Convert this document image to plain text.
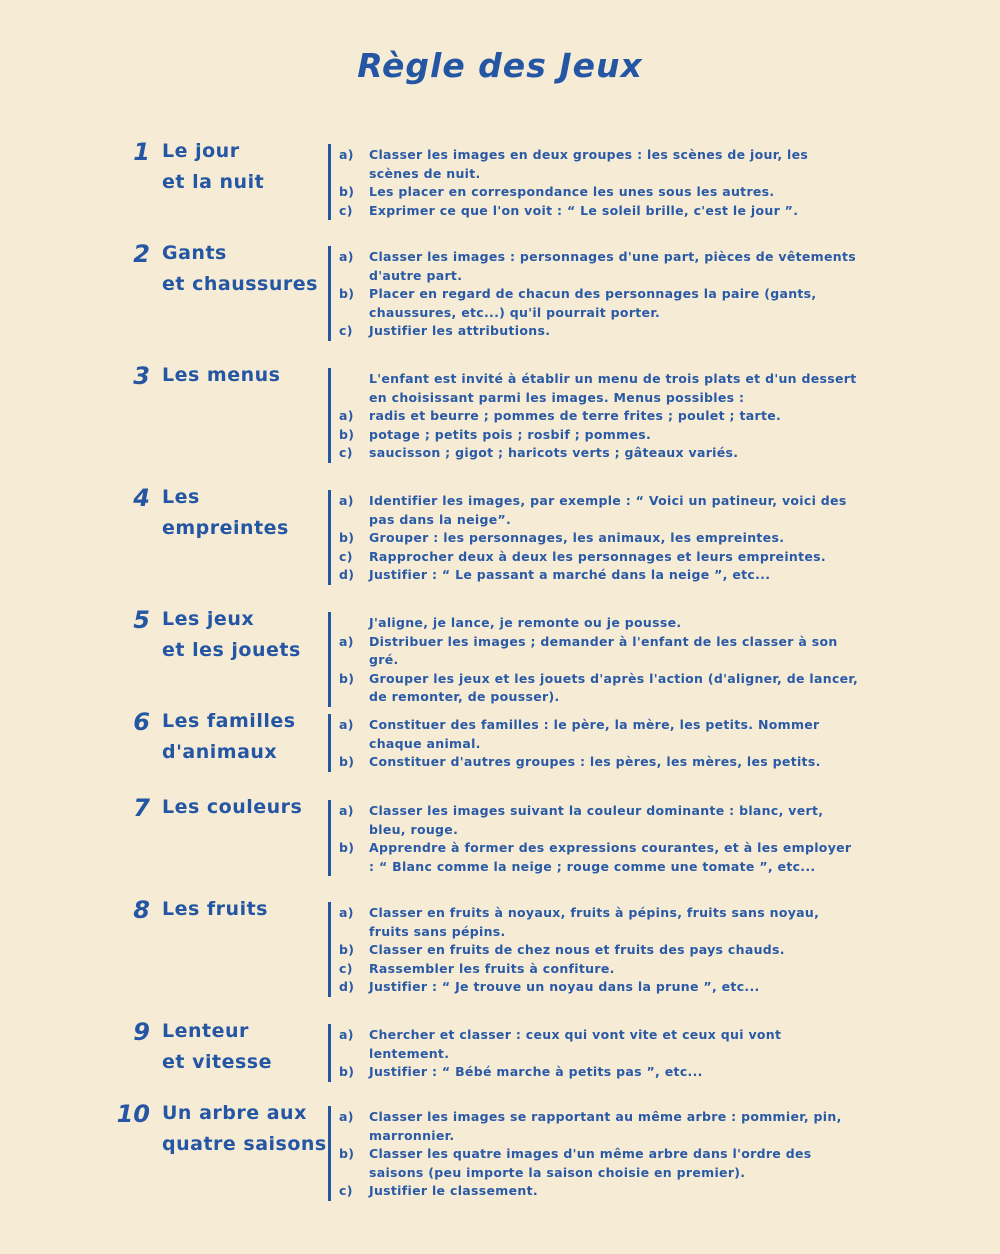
Règle des Jeux
1 Le jour
et la nuit
a)	Classer les images en deux groupes : les scènes de jour, les scènes de nuit.
b)	Les placer en correspondance les unes sous les autres.
c)	Exprimer ce que l'on voit : “ Le soleil brille, c'est le jour ”.
2 Gants
et chaussures
a)	Classer les images : personnages d'une part, pièces de vêtements d'autre part.
b)	Placer en regard de chacun des personnages la paire (gants, chaussures, etc...) qu'il pourrait porter.
c)	Justifier les attributions.
3 Les menus	L'enfant est invité à établir un menu de trois plats et d'un dessert en choisissant parmi les images. Menus possibles :
a)	radis et beurre ; pommes de terre frites ; poulet ; tarte.
b)	potage ; petits pois ; rosbif ; pommes.
c)	saucisson ; gigot ; haricots verts ; gâteaux variés.
4 Les empreintes
a)	Identifier les images, par exemple : “ Voici un patineur, voici des pas dans la neige”.
b)	Grouper : les personnages, les animaux, les empreintes.
c)	Rapprocher deux à deux les personnages et leurs empreintes.
d)	Justifier : “ Le passant a marché dans la neige ”, etc...
5 Les jeux
et les jouets
J'aligne, je lance, je remonte ou je pousse.
a)	Distribuer les images ; demander à l'enfant de les classer à son gré.
b)	Grouper les jeux et les jouets d'après l'action (d'aligner, de lancer, de remonter, de pousser).
6 Les familles
d'animaux
a)	Constituer des familles : le père, la mère, les petits. Nommer chaque animal.
b)	Constituer d'autres groupes : les pères, les mères, les petits.
7 Les couleurs	a)	Classer les images suivant la couleur dominante : blanc, vert, bleu, rouge.
b)	Apprendre à former des expressions courantes, et à les employer : “ Blanc comme la neige ; rouge comme une tomate ”, etc...
8 Les fruits	a)	Classer en fruits à noyaux, fruits à pépins, fruits sans noyau, fruits sans pépins.
b)	Classer en fruits de chez nous et fruits des pays chauds.
c)	Rassembler les fruits à confiture.
d)	Justifier : “ Je trouve un noyau dans la prune ”, etc...
9 Lenteur
et vitesse
a)	Chercher et classer : ceux qui vont vite et ceux qui vont lentement.
b)	Justifier : “ Bébé marche à petits pas ”, etc...
10 Un arbre aux
quatre saisons
a)	Classer les images se rapportant au même arbre : pommier, pin, marronnier.
b)	Classer les quatre images d'un même arbre dans l'ordre des saisons (peu importe la saison choisie en premier).
c)	Justifier le classement.
